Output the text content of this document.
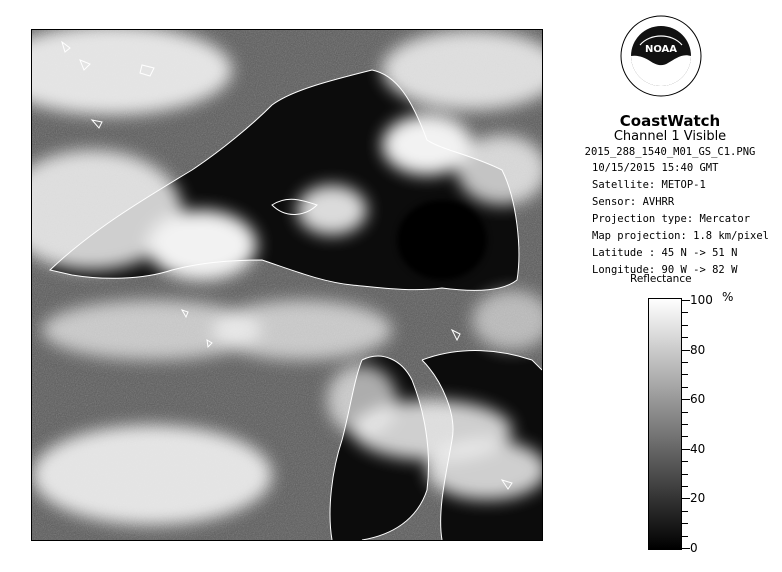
NOAA
CoastWatch
Channel 1 Visible
2015_288_1540_M01_GS_C1.PNG
10/15/2015 15:40 GMT
Satellite: METOP-1
Sensor: AVHRR
Projection type: Mercator
Map projection: 1.8 km/pixel
Latitude : 45 N -> 51 N
Longitude: 90 W -> 82 W
Reflectance
%
100
80
60
40
20
0
